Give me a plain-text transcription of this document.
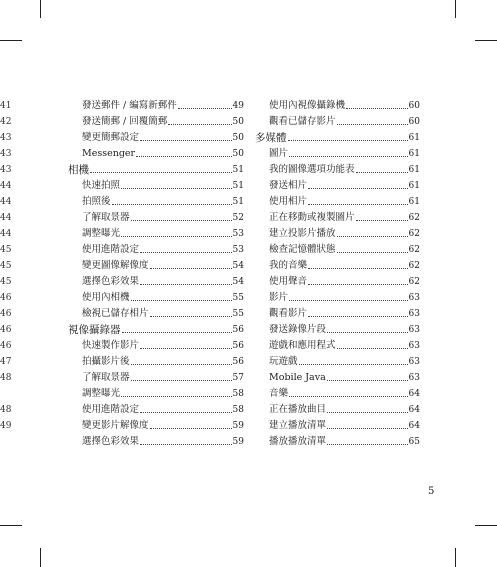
41
42
43
43
43
44
44
44
44
45
45
45
46
46
46
46
47
48
48
49
發送郵件 / 編寫新郵件	49
發送簡郵 / 回覆簡郵	50
變更簡郵設定	50
Messenger	50
相機	51
快速拍照	51
拍照後	51
了解取景器	52
調整曝光	53
使用進階設定	53
變更圖像解像度	54
選擇色彩效果	54
使用內相機	55
檢視已儲存相片	55
視像攝錄器	56
快速製作影片	56
拍攝影片後	56
了解取景器	57
調整曝光	58
使用進階設定	58
變更影片解像度	59
選擇色彩效果	59
使用內視像攝錄機	60
觀看已儲存影片	60
多媒體	61
圖片	61
我的圖像選項功能表	61
發送相片	61
使用相片	61
正在移動或複製圖片	62
建立投影片播放	62
檢查記憶體狀態	62
我的音樂	62
使用聲音	62
影片	63
觀看影片	63
發送錄像片段	63
遊戲和應用程式	63
玩遊戲	63
Mobile Java	63
音樂	64
正在播放曲目	64
建立播放清單	64
播放播放清單	65
5
